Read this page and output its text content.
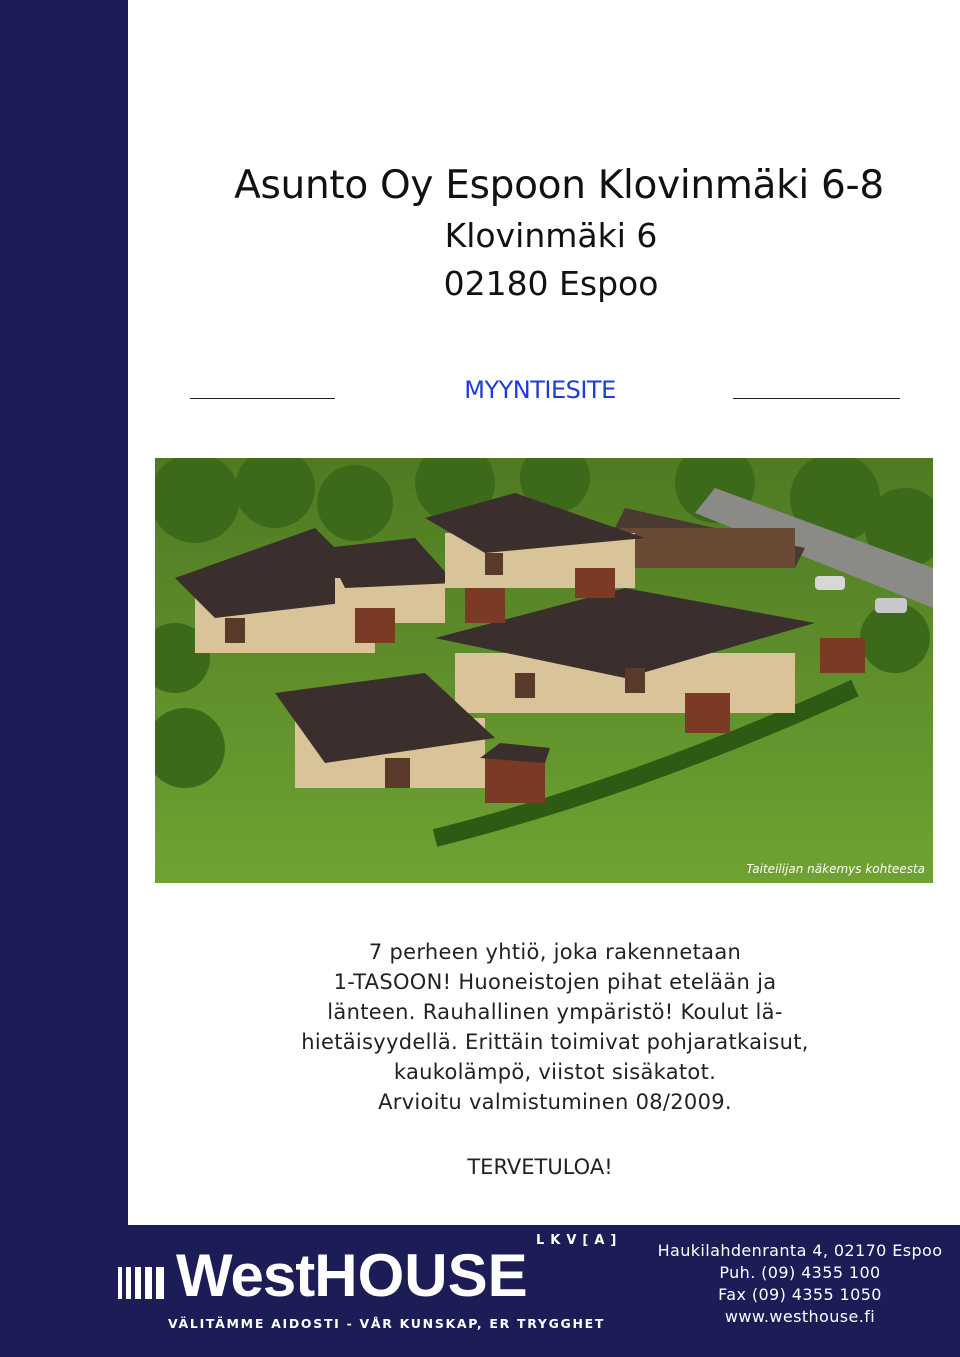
Asunto Oy Espoon Klovinmäki 6-8
Klovinmäki 6
02180 Espoo
MYYNTIESITE
Taiteilijan näkemys kohteesta
7 perheen yhtiö, joka rakennetaan
1-TASOON! Huoneistojen pihat etelään ja
länteen. Rauhallinen ympäristö! Koulut lä-
hietäisyydellä. Erittäin toimivat pohjaratkaisut,
kaukolämpö, viistot sisäkatot.
Arvioitu valmistuminen 08/2009.
TERVETULOA!
LKV[A]
WestHOUSE
VÄLITÄMME AIDOSTI - VÅR KUNSKAP, ER TRYGGHET
Haukilahdenranta 4, 02170 Espoo
Puh. (09) 4355 100
Fax (09) 4355 1050
www.westhouse.fi
